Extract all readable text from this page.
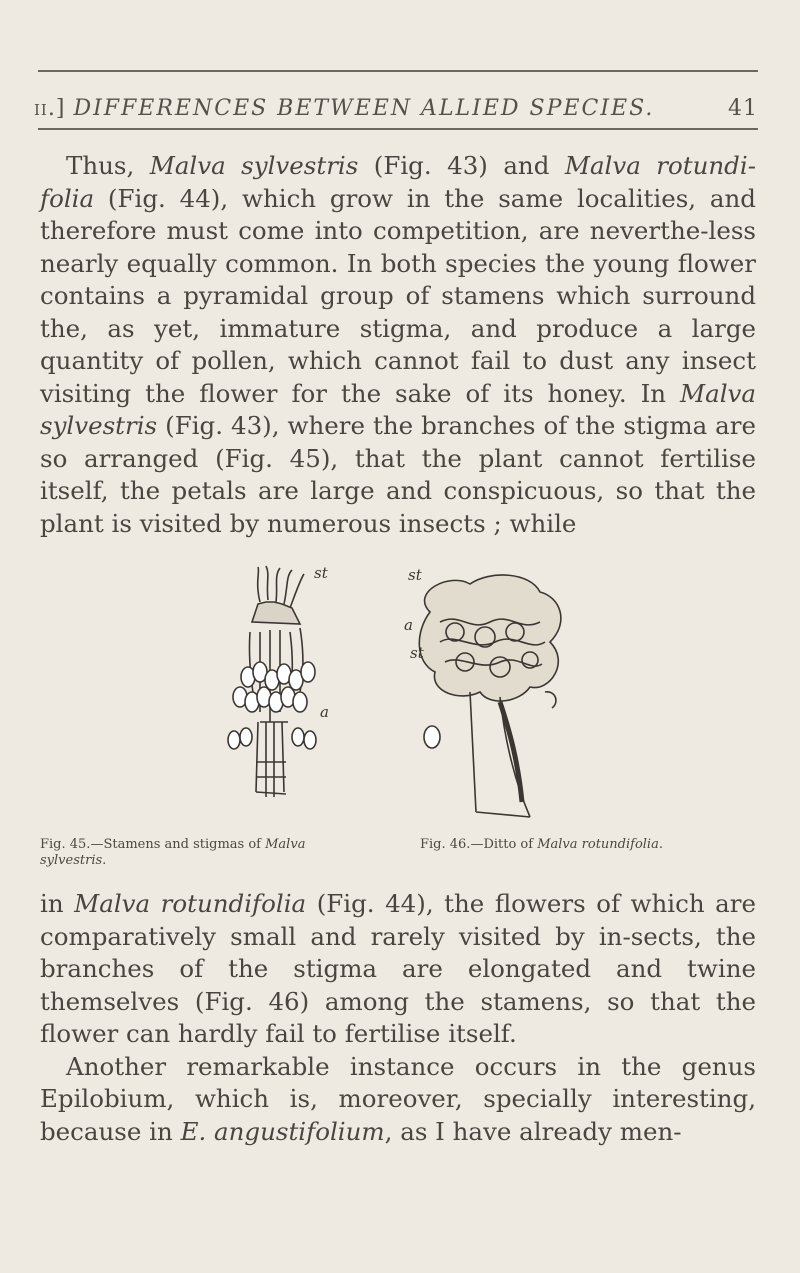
ii.] DIFFERENCES BETWEEN ALLIED SPECIES.	41
Thus, Malva sylvestris (Fig. 43) and Malva rotundi-folia (Fig. 44), which grow in the same localities, and therefore must come into competition, are neverthe-less nearly equally common. In both species the young flower contains a pyramidal group of stamens which surround the, as yet, immature stigma, and produce a large quantity of pollen, which cannot fail to dust any insect visiting the flower for the sake of its honey. In Malva sylvestris (Fig. 43), where the branches of the stigma are so arranged (Fig. 45), that the plant cannot fertilise itself, the petals are large and conspicuous, so that the plant is visited by numerous insects ; while
st	st
a
st
a
Fig. 45.—Stamens and stigmas of Malva sylvestris.
Fig. 46.—Ditto of Malva rotundifolia.
in Malva rotundifolia (Fig. 44), the flowers of which are comparatively small and rarely visited by in-sects, the branches of the stigma are elongated and twine themselves (Fig. 46) among the stamens, so that the flower can hardly fail to fertilise itself.
Another remarkable instance occurs in the genus Epilobium, which is, moreover, specially interesting, because in E. angustifolium, as I have already men-
